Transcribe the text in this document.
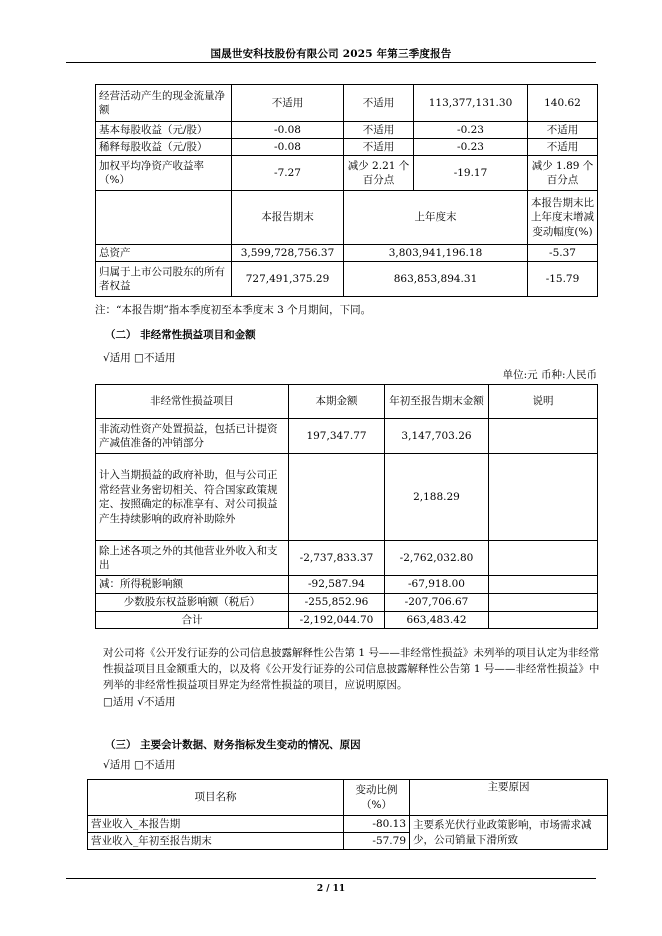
国晟世安科技股份有限公司 2025 年第三季度报告
经营活动产生的现金流量净额	不适用	不适用	113,377,131.30	140.62
基本每股收益（元/股）	-0.08	不适用	-0.23	不适用
稀释每股收益（元/股）	-0.08	不适用	-0.23	不适用
加权平均净资产收益率（%）	-7.27	减少 2.21 个百分点	-19.17	减少 1.89 个百分点
	本报告期末	上年度末		本报告期末比上年度末增减变动幅度(%)
总资产	3,599,728,756.37	3,803,941,196.18		-5.37
归属于上市公司股东的所有者权益	727,491,375.29	863,853,894.31		-15.79
注：“本报告期”指本季度初至本季度末 3 个月期间，下同。
（二） 非经常性损益项目和金额
√适用 □不适用
单位:元 币种:人民币
非经常性损益项目	本期金额	年初至报告期末金额	说明
非流动性资产处置损益，包括已计提资产减值准备的冲销部分	197,347.77	3,147,703.26	
计入当期损益的政府补助，但与公司正常经营业务密切相关、符合国家政策规定、按照确定的标准享有、对公司损益产生持续影响的政府补助除外		2,188.29	
除上述各项之外的其他营业外收入和支出	-2,737,833.37	-2,762,032.80	
减：所得税影响额	-92,587.94	-67,918.00	
少数股东权益影响额（税后）	-255,852.96	-207,706.67	
合计	-2,192,044.70	663,483.42	
对公司将《公开发行证券的公司信息披露解释性公告第 1 号——非经常性损益》未列举的项目认定为非经常性损益项目且金额重大的，以及将《公开发行证券的公司信息披露解释性公告第 1 号——非经常性损益》中列举的非经常性损益项目界定为经常性损益的项目，应说明原因。
□适用 √不适用
（三） 主要会计数据、财务指标发生变动的情况、原因
√适用 □不适用
项目名称	变动比例（%）	主要原因
营业收入_本报告期	-80.13	主要系光伏行业政策影响，市场需求减少，公司销量下滑所致
营业收入_年初至报告期末	-57.79	
2 / 11
